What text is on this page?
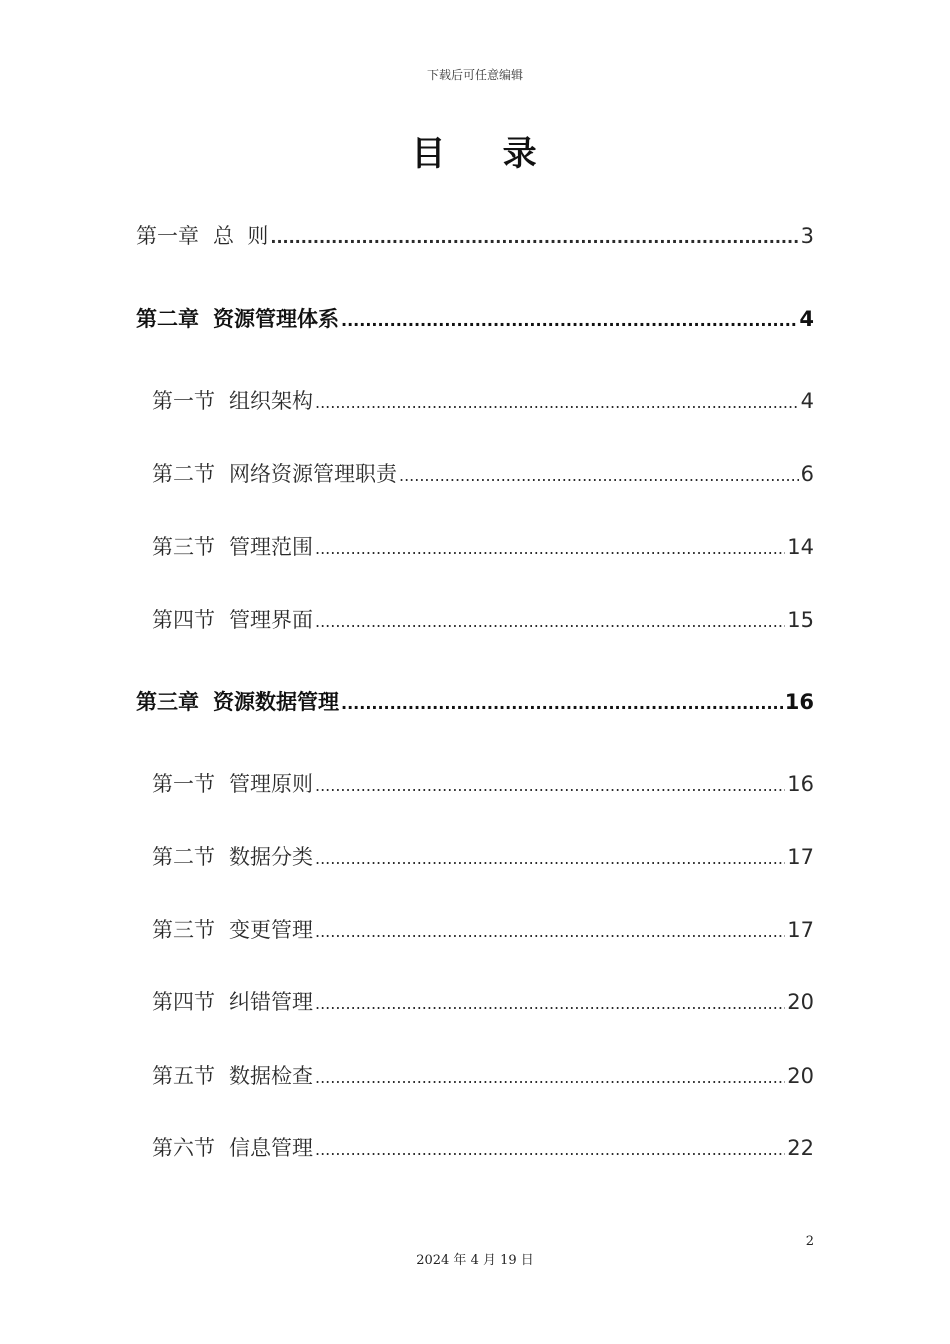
下载后可任意编辑
目    录
第一章 总  则 .....	3
第二章 资源管理体系 .....	4
第一节 组织架构 .....	4
第二节 网络资源管理职责 .....	6
第三节 管理范围 .....	14
第四节 管理界面 .....	15
第三章 资源数据管理 .....	16
第一节 管理原则 .....	16
第二节 数据分类 .....	17
第三节 变更管理 .....	17
第四节 纠错管理 .....	20
第五节 数据检查 .....	20
第六节 信息管理 .....	22
2
2024 年 4 月 19 日
